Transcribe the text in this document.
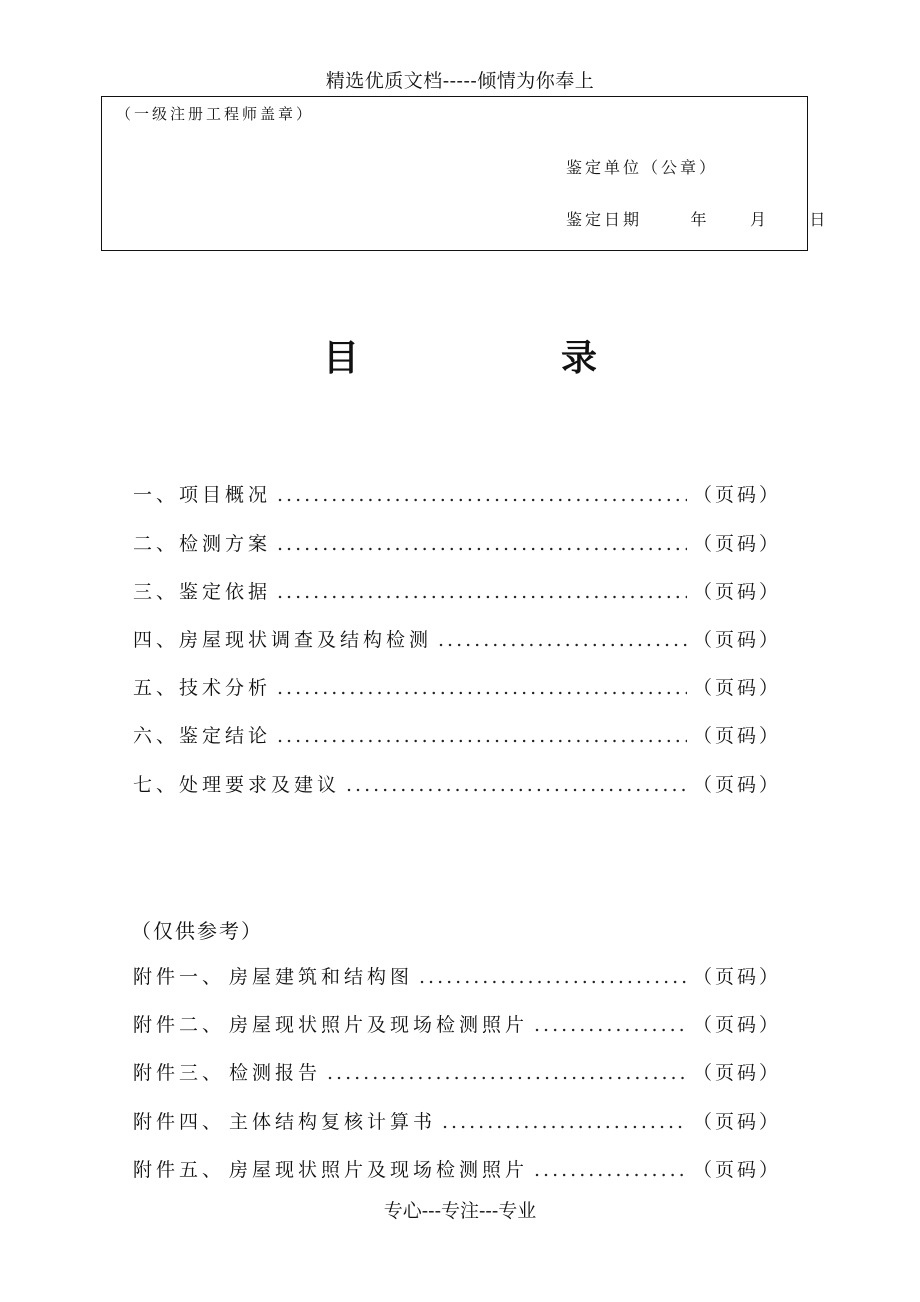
精选优质文档-----倾情为你奉上
（一级注册工程师盖章）
鉴定单位（公章）
鉴定日期      年     月     日
目	录
一、项目概况 .....	（页码）
二、检测方案 .....	（页码）
三、鉴定依据 .....	（页码）
四、房屋现状调查及结构检测 .....	（页码）
五、技术分析 .....	（页码）
六、鉴定结论 .....	（页码）
七、处理要求及建议 .....	（页码）
（仅供参考）
附件一、 房屋建筑和结构图 .....	（页码）
附件二、 房屋现状照片及现场检测照片 .....	（页码）
附件三、 检测报告 .....	（页码）
附件四、 主体结构复核计算书 .....	（页码）
附件五、 房屋现状照片及现场检测照片 .....	（页码）
专心---专注---专业
